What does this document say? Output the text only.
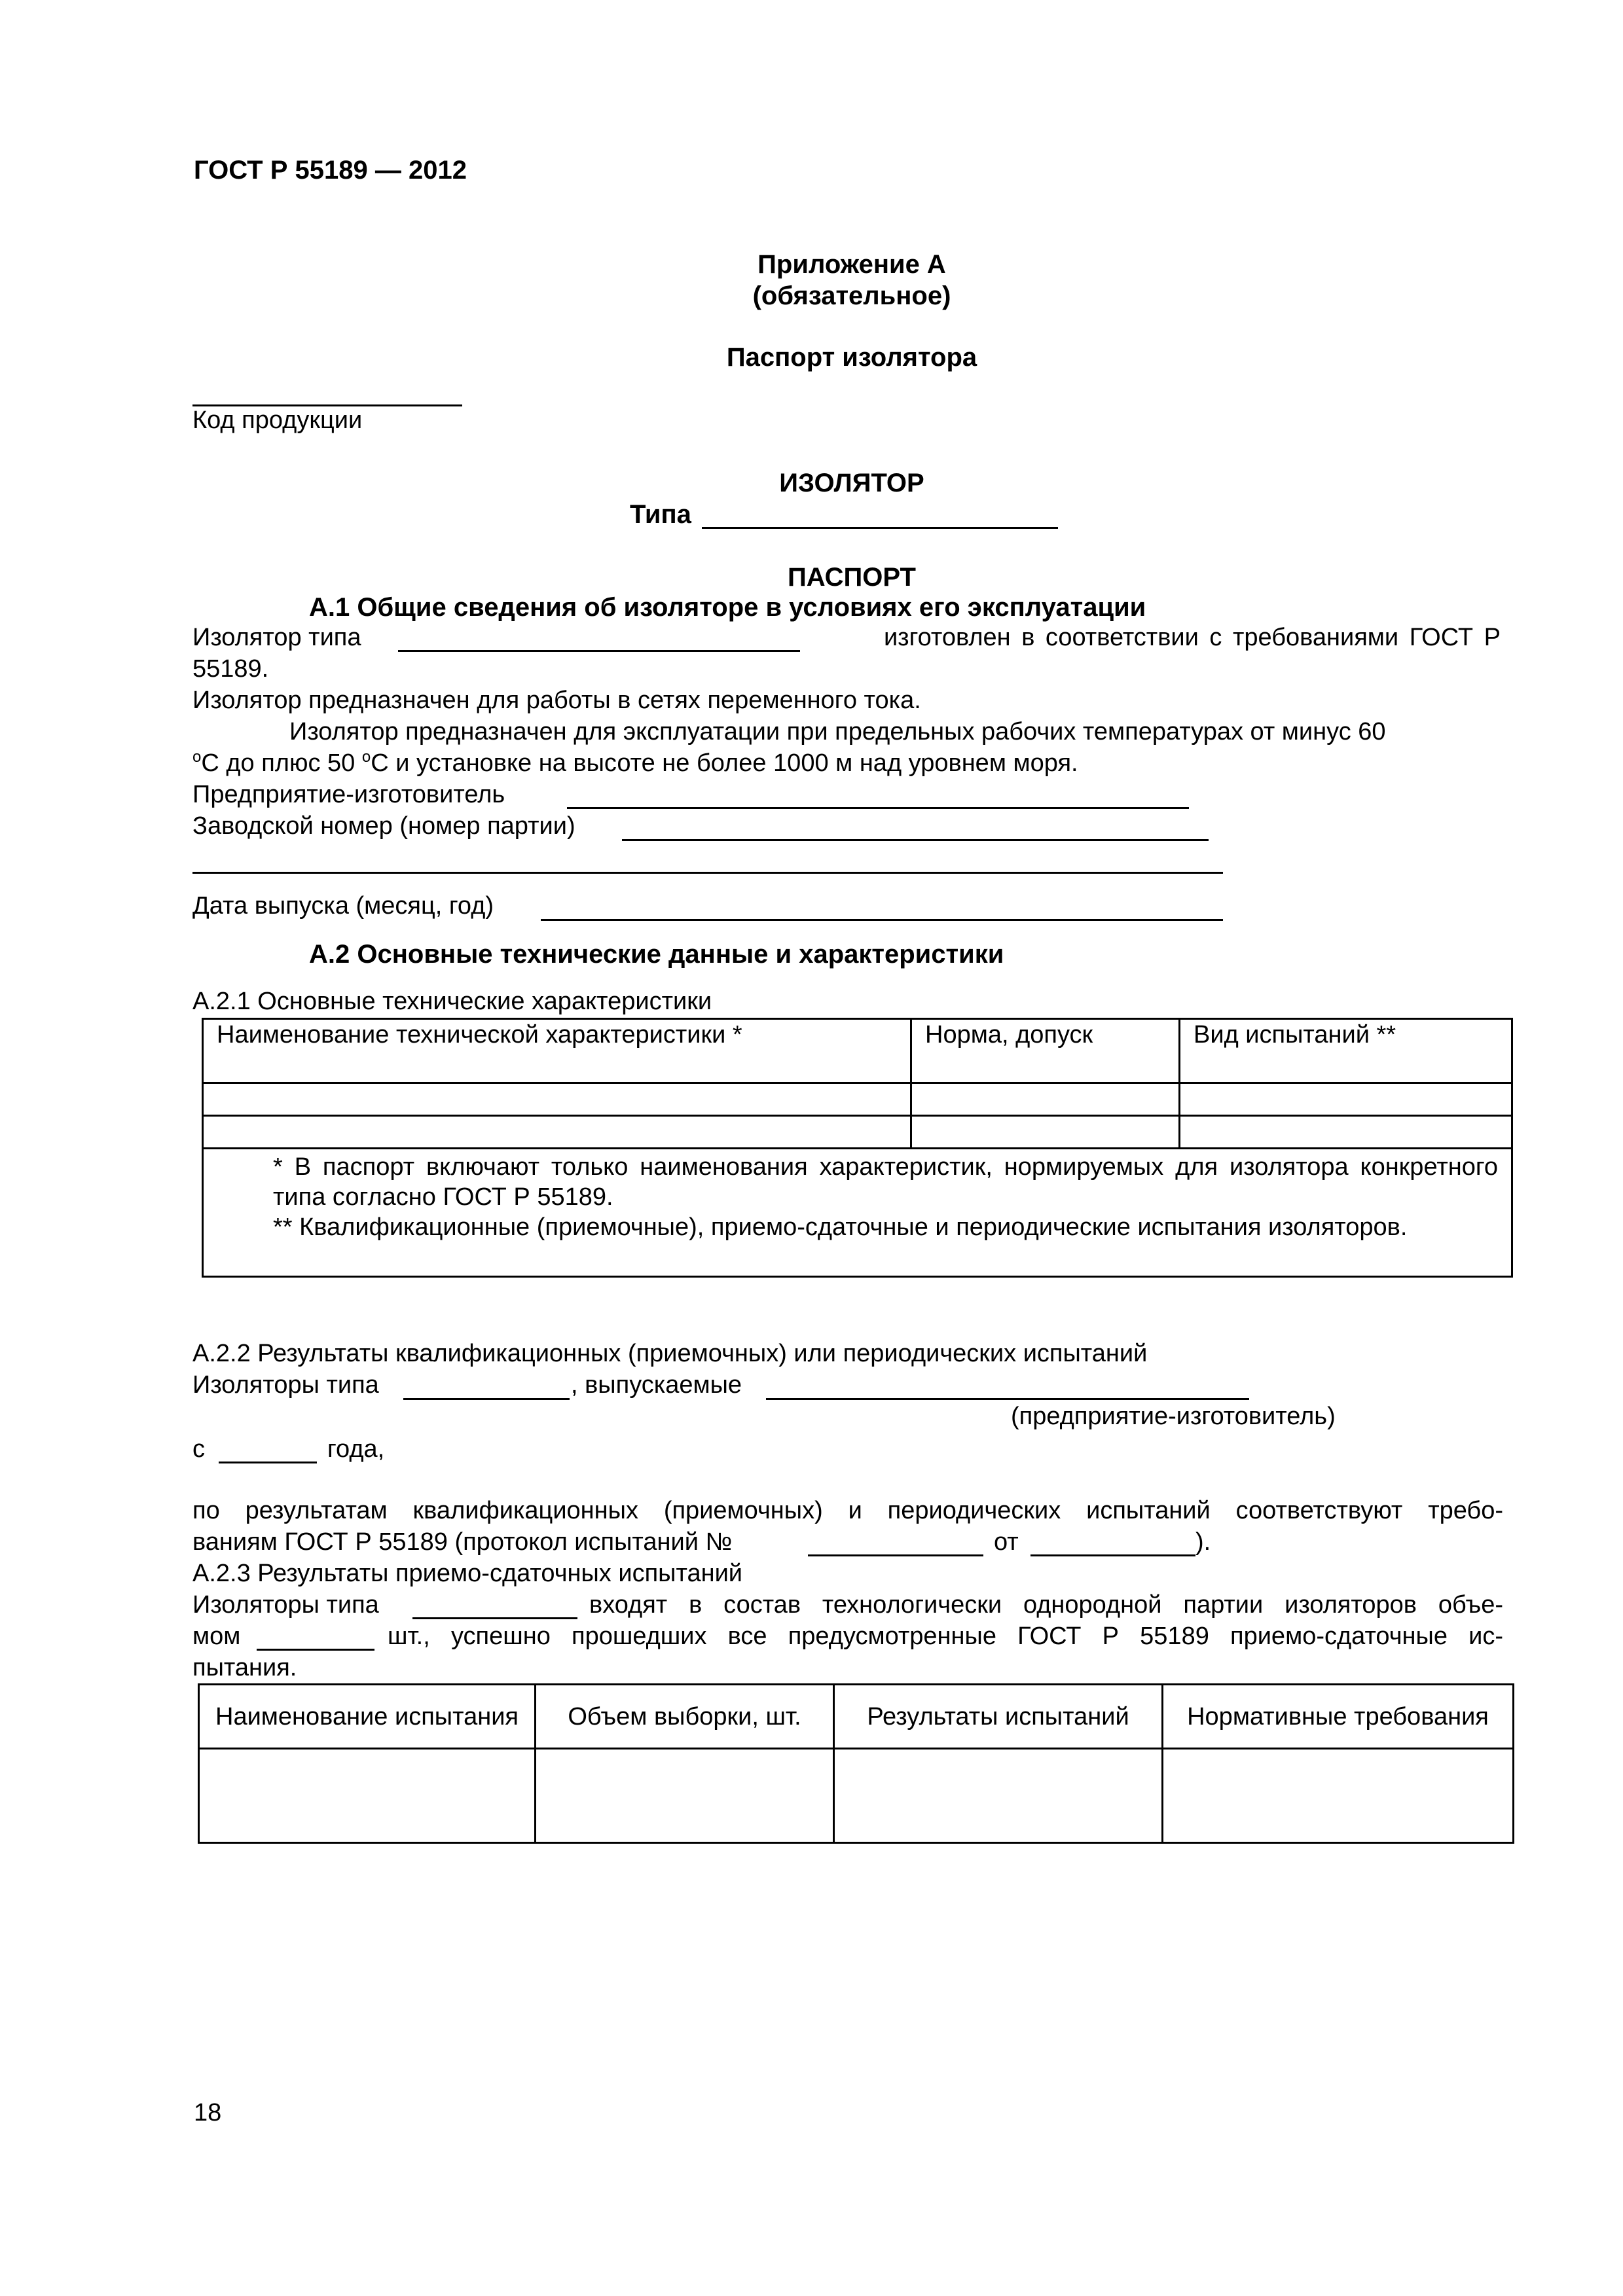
ГОСТ Р 55189 — 2012
Приложение А
(обязательное)
Паспорт изолятора
Код продукции
ИЗОЛЯТОР
Типа
ПАСПОРТ
А.1 Общие сведения об изоляторе в условиях его эксплуатации
Изолятор типа	изготовлен в соответствии с требованиями ГОСТ Р
55189.
Изолятор предназначен для работы в сетях переменного тока.
Изолятор предназначен для эксплуатации при предельных рабочих температурах от минус 60
$^о$С до плюс 50 $^о$С и установке на высоте не более 1000 м над уровнем моря.
Предприятие-изготовитель
Заводской номер (номер партии)
Дата выпуска (месяц, год)
А.2 Основные технические данные и характеристики
А.2.1 Основные технические характеристики
Наименование технической характеристики *	Норма, допуск	Вид испытаний **

* В паспорт включают только наименования характеристик, нормируемых для изолятора конкретного типа согласно ГОСТ Р 55189.
** Квалификационные (приемочные), приемо-сдаточные и периодические испытания изоляторов.		
А.2.2 Результаты квалификационных (приемочных) или периодических испытаний
Изоляторы типа	, выпускаемые
(предприятие-изготовитель)
с	года,
по результатам квалификационных (приемочных) и периодических испытаний соответствуют требо-
ваниям ГОСТ Р 55189 (протокол испытаний №	от	).
А.2.3 Результаты приемо-сдаточных испытаний
Изоляторы типа	входят в состав технологически однородной партии изоляторов объе-
мом	шт., успешно прошедших все предусмотренные ГОСТ Р 55189 приемо-сдаточные ис-
пытания.
Наименование испытания	Объем выборки, шт.	Результаты испытаний	Нормативные требования

18
